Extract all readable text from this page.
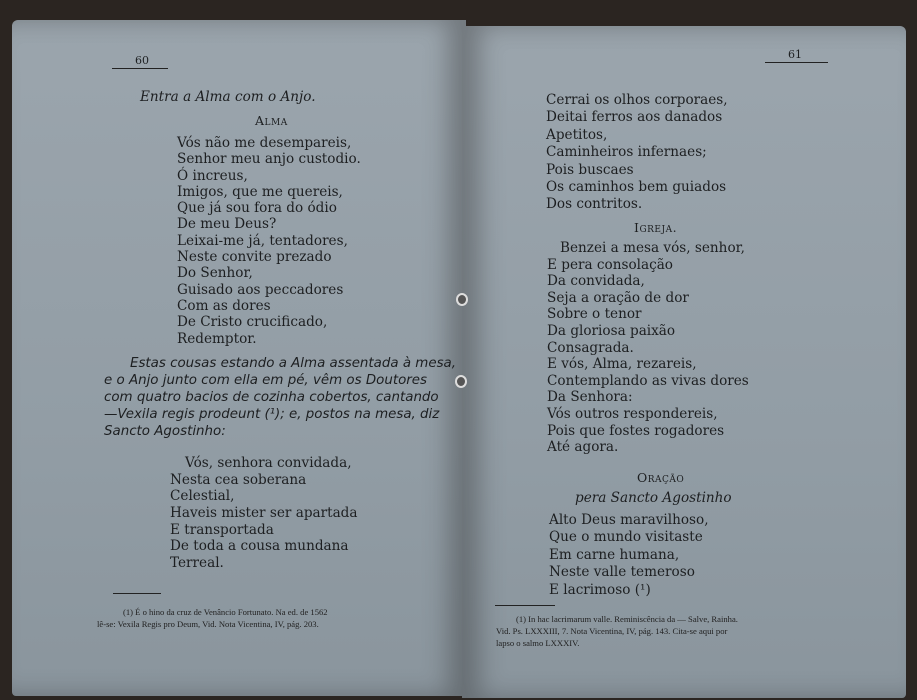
60
Entra a Alma com o Anjo.
Alma
Vós não me desempareis,
Senhor meu anjo custodio.
Ó increus,
Imigos, que me quereis,
Que já sou fora do ódio
De meu Deus?
Leixai-me já, tentadores,
Neste convite prezado
Do Senhor,
Guisado aos peccadores
Com as dores
De Cristo crucificado,
Redemptor.
Estas cousas estando a Alma assentada à mesa,
e o Anjo junto com ella em pé, vêm os Doutores
com quatro bacios de cozinha cobertos, cantando
—Vexila regis prodeunt (¹); e, postos na mesa, diz
Sancto Agostinho:
Vós, senhora convidada,
Nesta cea soberana
Celestial,
Haveis mister ser apartada
E transportada
De toda a cousa mundana
Terreal.
(1) É o hino da cruz de Venâncio Fortunato. Na ed. de 1562
lê-se: Vexila Regis pro Deum, Vid. Nota Vicentina, IV, pág. 203.
61
Cerrai os olhos corporaes,
Deitai ferros aos danados
Apetitos,
Caminheiros infernaes;
Pois buscaes
Os caminhos bem guiados
Dos contritos.
Igreja.
Benzei a mesa vós, senhor,
E pera consolação
Da convidada,
Seja a oração de dor
Sobre o tenor
Da gloriosa paixão
Consagrada.
E vós, Alma, rezareis,
Contemplando as vivas dores
Da Senhora:
Vós outros respondereis,
Pois que fostes rogadores
Até agora.
Oração
pera Sancto Agostinho
Alto Deus maravilhoso,
Que o mundo visitaste
Em carne humana,
Neste valle temeroso
E lacrimoso (¹)
(1) In hac lacrimarum valle. Reminiscência da — Salve, Rainha.
Vid. Ps. LXXXIII, 7. Nota Vicentina, IV, pág. 143. Cita-se aqui por
lapso o salmo LXXXIV.
